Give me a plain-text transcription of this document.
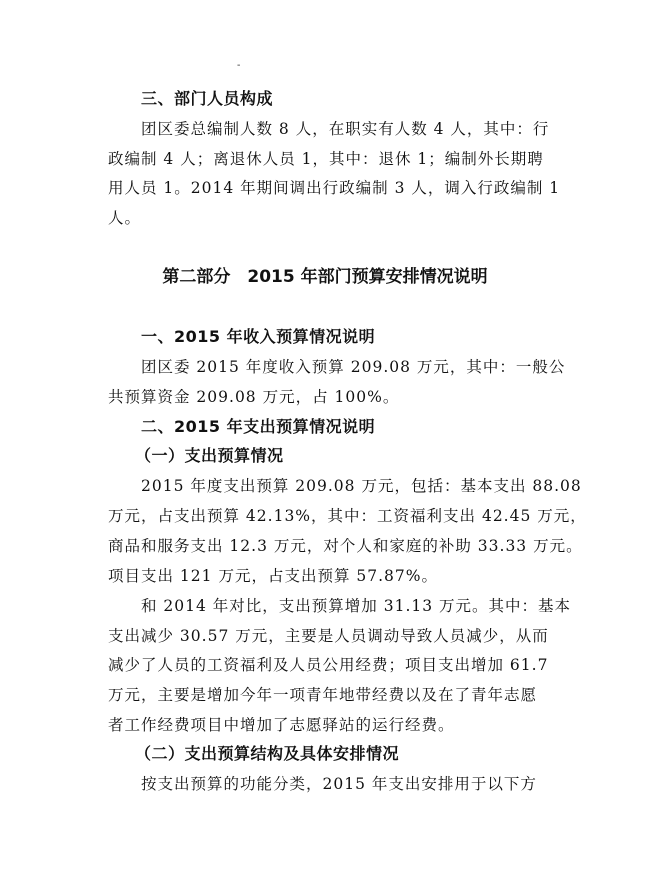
-
三、部门人员构成
团区委总编制人数 8 人，在职实有人数 4 人，其中：行
政编制 4 人；离退休人员 1，其中：退休 1；编制外长期聘
用人员 1。2014 年期间调出行政编制 3 人，调入行政编制 1
人。
第二部分　2015 年部门预算安排情况说明
一、2015 年收入预算情况说明
团区委 2015 年度收入预算 209.08 万元，其中：一般公
共预算资金 209.08 万元，占 100%。
二、2015 年支出预算情况说明
（一）支出预算情况
2015 年度支出预算 209.08 万元，包括：基本支出 88.08
万元，占支出预算 42.13%，其中：工资福利支出 42.45 万元，
商品和服务支出 12.3 万元，对个人和家庭的补助 33.33 万元。
项目支出 121 万元，占支出预算 57.87%。
和 2014 年对比，支出预算增加 31.13 万元。其中：基本
支出减少 30.57 万元，主要是人员调动导致人员减少，从而
减少了人员的工资福利及人员公用经费；项目支出增加 61.7
万元，主要是增加今年一项青年地带经费以及在了青年志愿
者工作经费项目中增加了志愿驿站的运行经费。
（二）支出预算结构及具体安排情况
按支出预算的功能分类，2015 年支出安排用于以下方
